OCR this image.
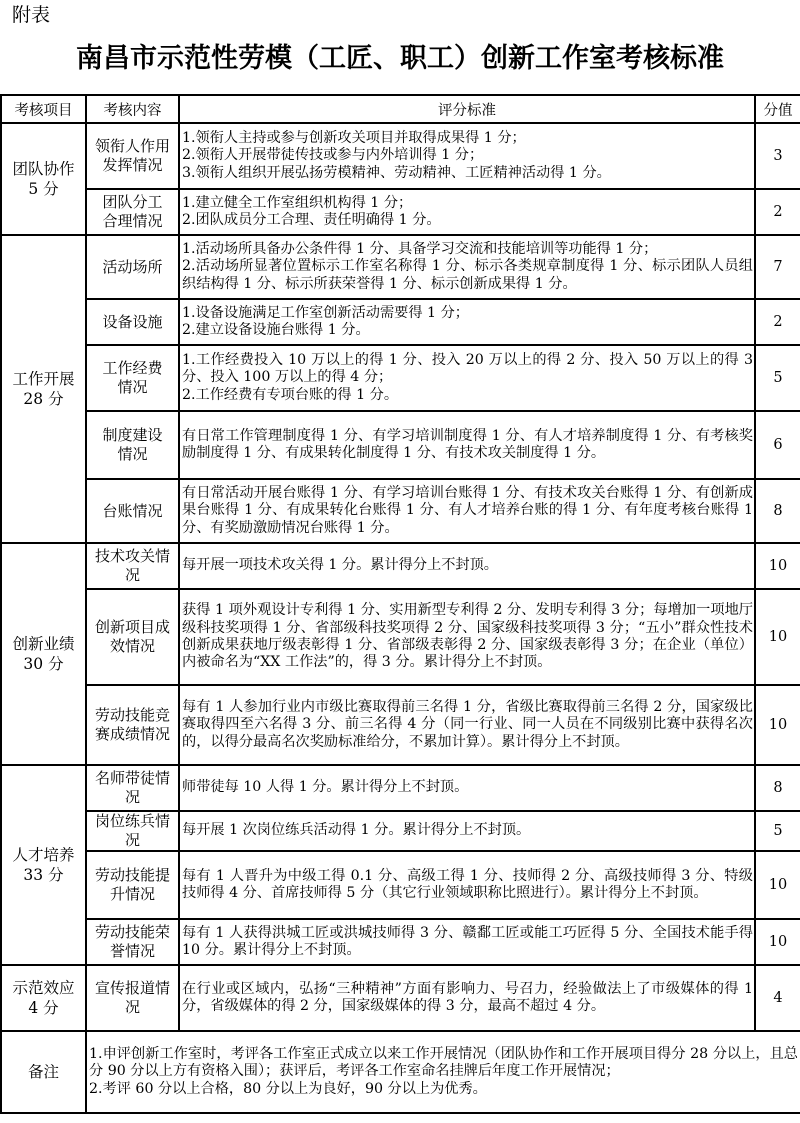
附表
南昌市示范性劳模（工匠、职工）创新工作室考核标准
考核项目	考核内容	评分标准	分值

团队协作
5 分	领衔人作用
发挥情况	1.领衔人主持或参与创新攻关项目并取得成果得 1 分；
2.领衔人开展带徒传技或参与内外培训得 1 分；
3.领衔人组织开展弘扬劳模精神、劳动精神、工匠精神活动得 1 分。	3

	团队分工
合理情况	1.建立健全工作室组织机构得 1 分；
2.团队成员分工合理、责任明确得 1 分。	2

工作开展
28 分	活动场所	1.活动场所具备办公条件得 1 分、具备学习交流和技能培训等功能得 1 分；
2.活动场所显著位置标示工作室名称得 1 分、标示各类规章制度得 1 分、标示团队人员组织结构得 1 分、标示所获荣誉得 1 分、标示创新成果得 1 分。	7

	设备设施	1.设备设施满足工作室创新活动需要得 1 分；
2.建立设备设施台账得 1 分。	2

	工作经费
情况	1.工作经费投入 10 万以上的得 1 分、投入 20 万以上的得 2 分、投入 50 万以上的得 3 分、投入 100 万以上的得 4 分；
2.工作经费有专项台账的得 1 分。	5

	制度建设
情况	有日常工作管理制度得 1 分、有学习培训制度得 1 分、有人才培养制度得 1 分、有考核奖励制度得 1 分、有成果转化制度得 1 分、有技术攻关制度得 1 分。	6

	台账情况	有日常活动开展台账得 1 分、有学习培训台账得 1 分、有技术攻关台账得 1 分、有创新成果台账得 1 分、有成果转化台账得 1 分、有人才培养台账的得 1 分、有年度考核台账得 1 分、有奖励激励情况台账得 1 分。	8

创新业绩
30 分	技术攻关情
况	每开展一项技术攻关得 1 分。累计得分上不封顶。	10

	创新项目成
效情况	获得 1 项外观设计专利得 1 分、实用新型专利得 2 分、发明专利得 3 分；每增加一项地厅级科技奖项得 1 分、省部级科技奖项得 2 分、国家级科技奖项得 3 分；“五小”群众性技术创新成果获地厅级表彰得 1 分、省部级表彰得 2 分、国家级表彰得 3 分；在企业（单位）内被命名为“XX 工作法”的，得 3 分。累计得分上不封顶。	10

	劳动技能竞
赛成绩情况	每有 1 人参加行业内市级比赛取得前三名得 1 分，省级比赛取得前三名得 2 分，国家级比赛取得四至六名得 3 分、前三名得 4 分（同一行业、同一人员在不同级别比赛中获得名次的，以得分最高名次奖励标准给分，不累加计算）。累计得分上不封顶。	10

人才培养
33 分	名师带徒情
况	师带徒每 10 人得 1 分。累计得分上不封顶。	8

	岗位练兵情
况	每开展 1 次岗位练兵活动得 1 分。累计得分上不封顶。	5

	劳动技能提
升情况	每有 1 人晋升为中级工得 0.1 分、高级工得 1 分、技师得 2 分、高级技师得 3 分、特级技师得 4 分、首席技师得 5 分（其它行业领域职称比照进行）。累计得分上不封顶。	10

	劳动技能荣
誉情况	每有 1 人获得洪城工匠或洪城技师得 3 分、赣鄱工匠或能工巧匠得 5 分、全国技术能手得 10 分。累计得分上不封顶。	10

示范效应
4 分	宣传报道情
况	在行业或区域内，弘扬“三种精神”方面有影响力、号召力，经验做法上了市级媒体的得 1 分，省级媒体的得 2 分，国家级媒体的得 3 分，最高不超过 4 分。	4
备注	1.申评创新工作室时，考评各工作室正式成立以来工作开展情况（团队协作和工作开展项目得分 28 分以上，且总分 90 分以上方有资格入围）；获评后，考评各工作室命名挂牌后年度工作开展情况；
2.考评 60 分以上合格，80 分以上为良好，90 分以上为优秀。		
